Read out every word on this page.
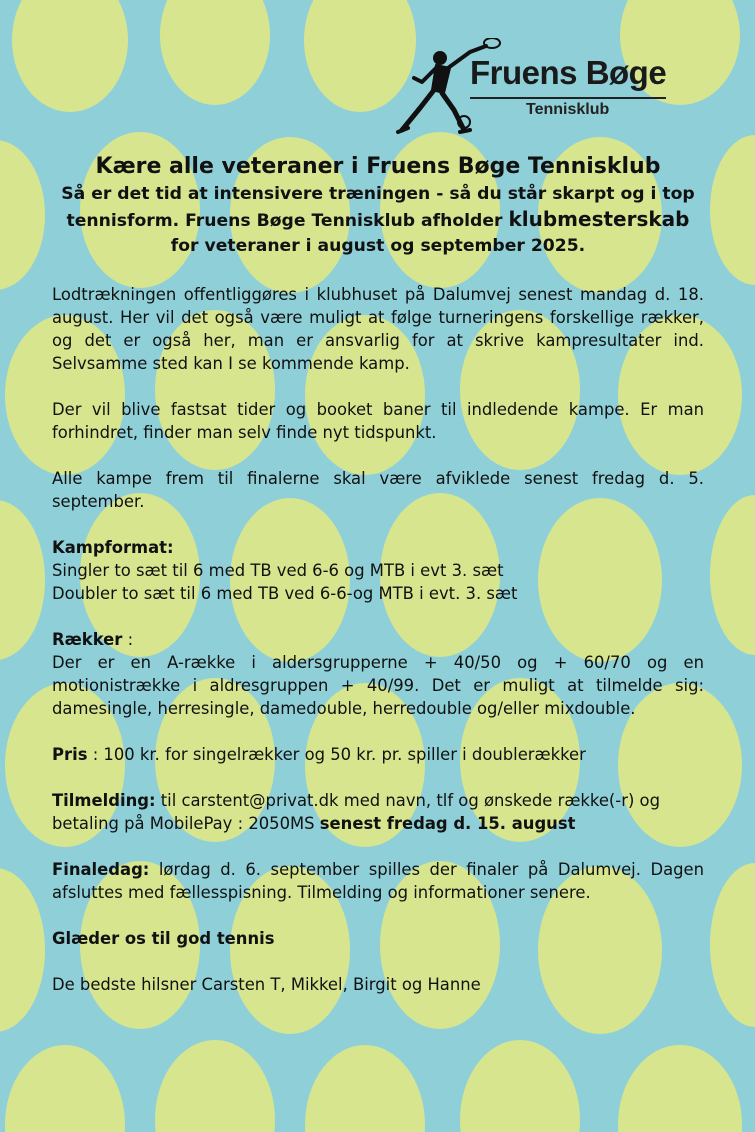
Fruens Bøge
Tennisklub
Kære alle veteraner i Fruens Bøge Tennisklub

Så er det tid at intensivere træningen - så du står skarpt og i top tennisform. Fruens Bøge Tennisklub afholder klubmesterskab for veteraner i august og september 2025.

Lodtrækningen offentliggøres i klubhuset på Dalumvej senest mandag d. 18. august. Her vil det også være muligt at følge turneringens forskellige rækker, og det er også her, man er ansvarlig for at skrive kampresultater ind. Selvsamme sted kan I se kommende kamp.

Der vil blive fastsat tider og booket baner til indledende kampe. Er man forhindret, finder man selv finde nyt tidspunkt.

Alle kampe frem til finalerne skal være afviklede senest fredag d. 5. september.

Kampformat:
Singler to sæt til 6 med TB ved 6-6 og MTB i evt 3. sæt
Doubler to sæt til 6 med TB ved 6-6-og MTB i evt. 3. sæt

Rækker :
Der er en A-række i aldersgrupperne + 40/50 og + 60/70 og en motionistrække i aldresgruppen + 40/99. Det er muligt at tilmelde sig: damesingle, herresingle, damedouble, herredouble og/eller mixdouble.

Pris : 100 kr. for singelrækker og 50 kr. pr. spiller i doublerækker

Tilmelding: til carstent@privat.dk med navn, tlf og ønskede række(-r) og betaling på MobilePay : 2050MS senest fredag d. 15. august

Finaledag: lørdag d. 6. september spilles der finaler på Dalumvej. Dagen afsluttes med fællesspisning. Tilmelding og informationer senere.

Glæder os til god tennis

De bedste hilsner Carsten T, Mikkel, Birgit og Hanne
